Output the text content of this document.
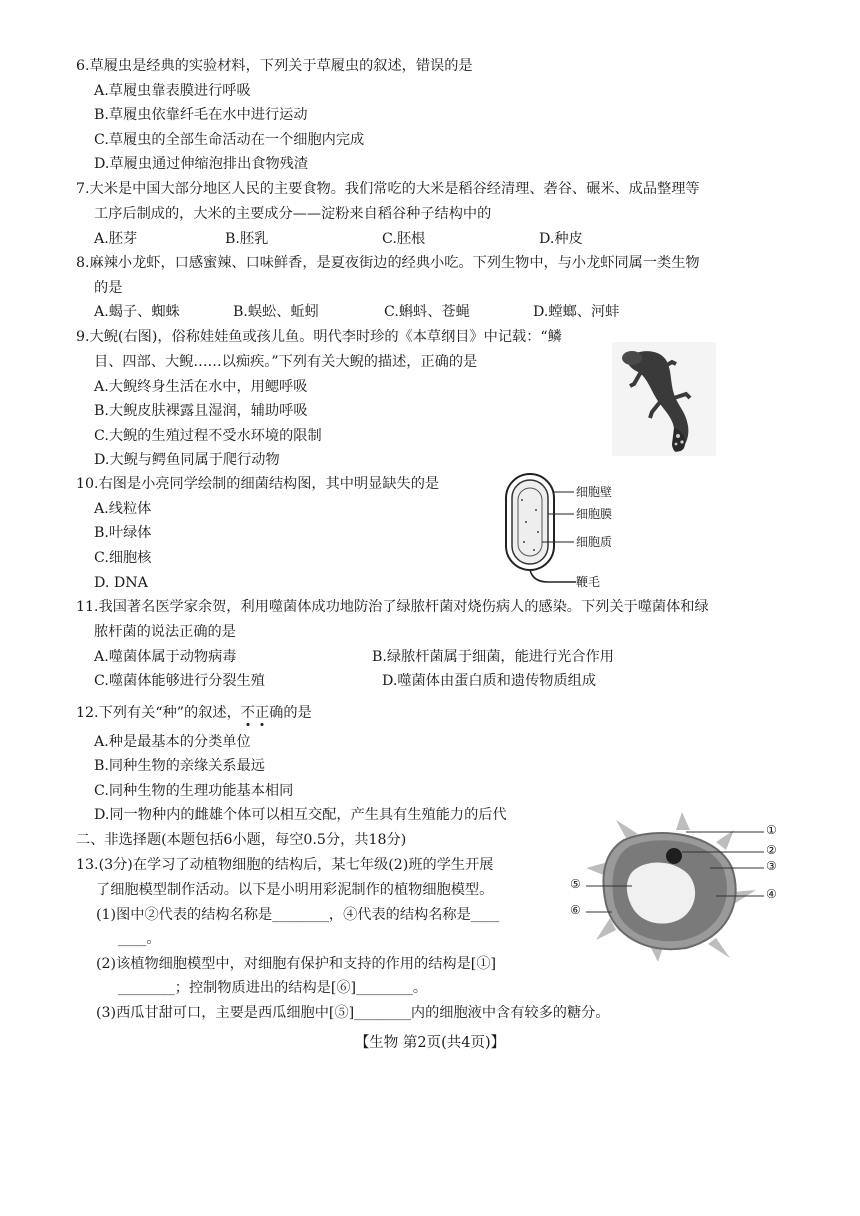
6.草履虫是经典的实验材料，下列关于草履虫的叙述，错误的是
A.草履虫靠表膜进行呼吸
B.草履虫依靠纤毛在水中进行运动
C.草履虫的全部生命活动在一个细胞内完成
D.草履虫通过伸缩泡排出食物残渣
7.大米是中国大部分地区人民的主要食物。我们常吃的大米是稻谷经清理、砻谷、碾米、成品整理等
工序后制成的，大米的主要成分——淀粉来自稻谷种子结构中的
A.胚芽	B.胚乳	C.胚根	D.种皮
8.麻辣小龙虾，口感蜜辣、口味鲜香，是夏夜街边的经典小吃。下列生物中，与小龙虾同属一类生物
的是
A.蝎子、蜘蛛	B.蜈蚣、蚯蚓	C.蝌蚪、苍蝇	D.螳螂、河蚌
9.大鲵(右图)，俗称娃娃鱼或孩儿鱼。明代李时珍的《本草纲目》中记载：“鳞
目、四部、大鲵……以痴疾。”下列有关大鲵的描述，正确的是
A.大鲵终身生活在水中，用鳃呼吸
B.大鲵皮肤裸露且湿润，辅助呼吸
C.大鲵的生殖过程不受水环境的限制
D.大鲵与鳄鱼同属于爬行动物
10.右图是小亮同学绘制的细菌结构图，其中明显缺失的是
A.线粒体
B.叶绿体
C.细胞核
D. DNA
细胞壁
细胞膜
细胞质
鞭毛
11.我国著名医学家余贺，利用噬菌体成功地防治了绿脓杆菌对烧伤病人的感染。下列关于噬菌体和绿
脓杆菌的说法正确的是
A.噬菌体属于动物病毒	B.绿脓杆菌属于细菌，能进行光合作用
C.噬菌体能够进行分裂生殖	D.噬菌体由蛋白质和遗传物质组成
12.下列有关“种”的叙述，不正确的是
A.种是最基本的分类单位
B.同种生物的亲缘关系最远
C.同种生物的生理功能基本相同
D.同一物种内的雌雄个体可以相互交配，产生具有生殖能力的后代
二、非选择题(本题包括6小题，每空0.5分，共18分)
13.(3分)在学习了动植物细胞的结构后，某七年级(2)班的学生开展
了细胞模型制作活动。以下是小明用彩泥制作的植物细胞模型。
(1)图中②代表的结构名称是________，④代表的结构名称是____
____。
(2)该植物细胞模型中，对细胞有保护和支持的作用的结构是[①]
________；控制物质进出的结构是[⑥]________。
(3)西瓜甘甜可口，主要是西瓜细胞中[⑤]________内的细胞液中含有较多的糖分。
①
②
③
④
⑤
⑥
【生物 第2页(共4页)】
